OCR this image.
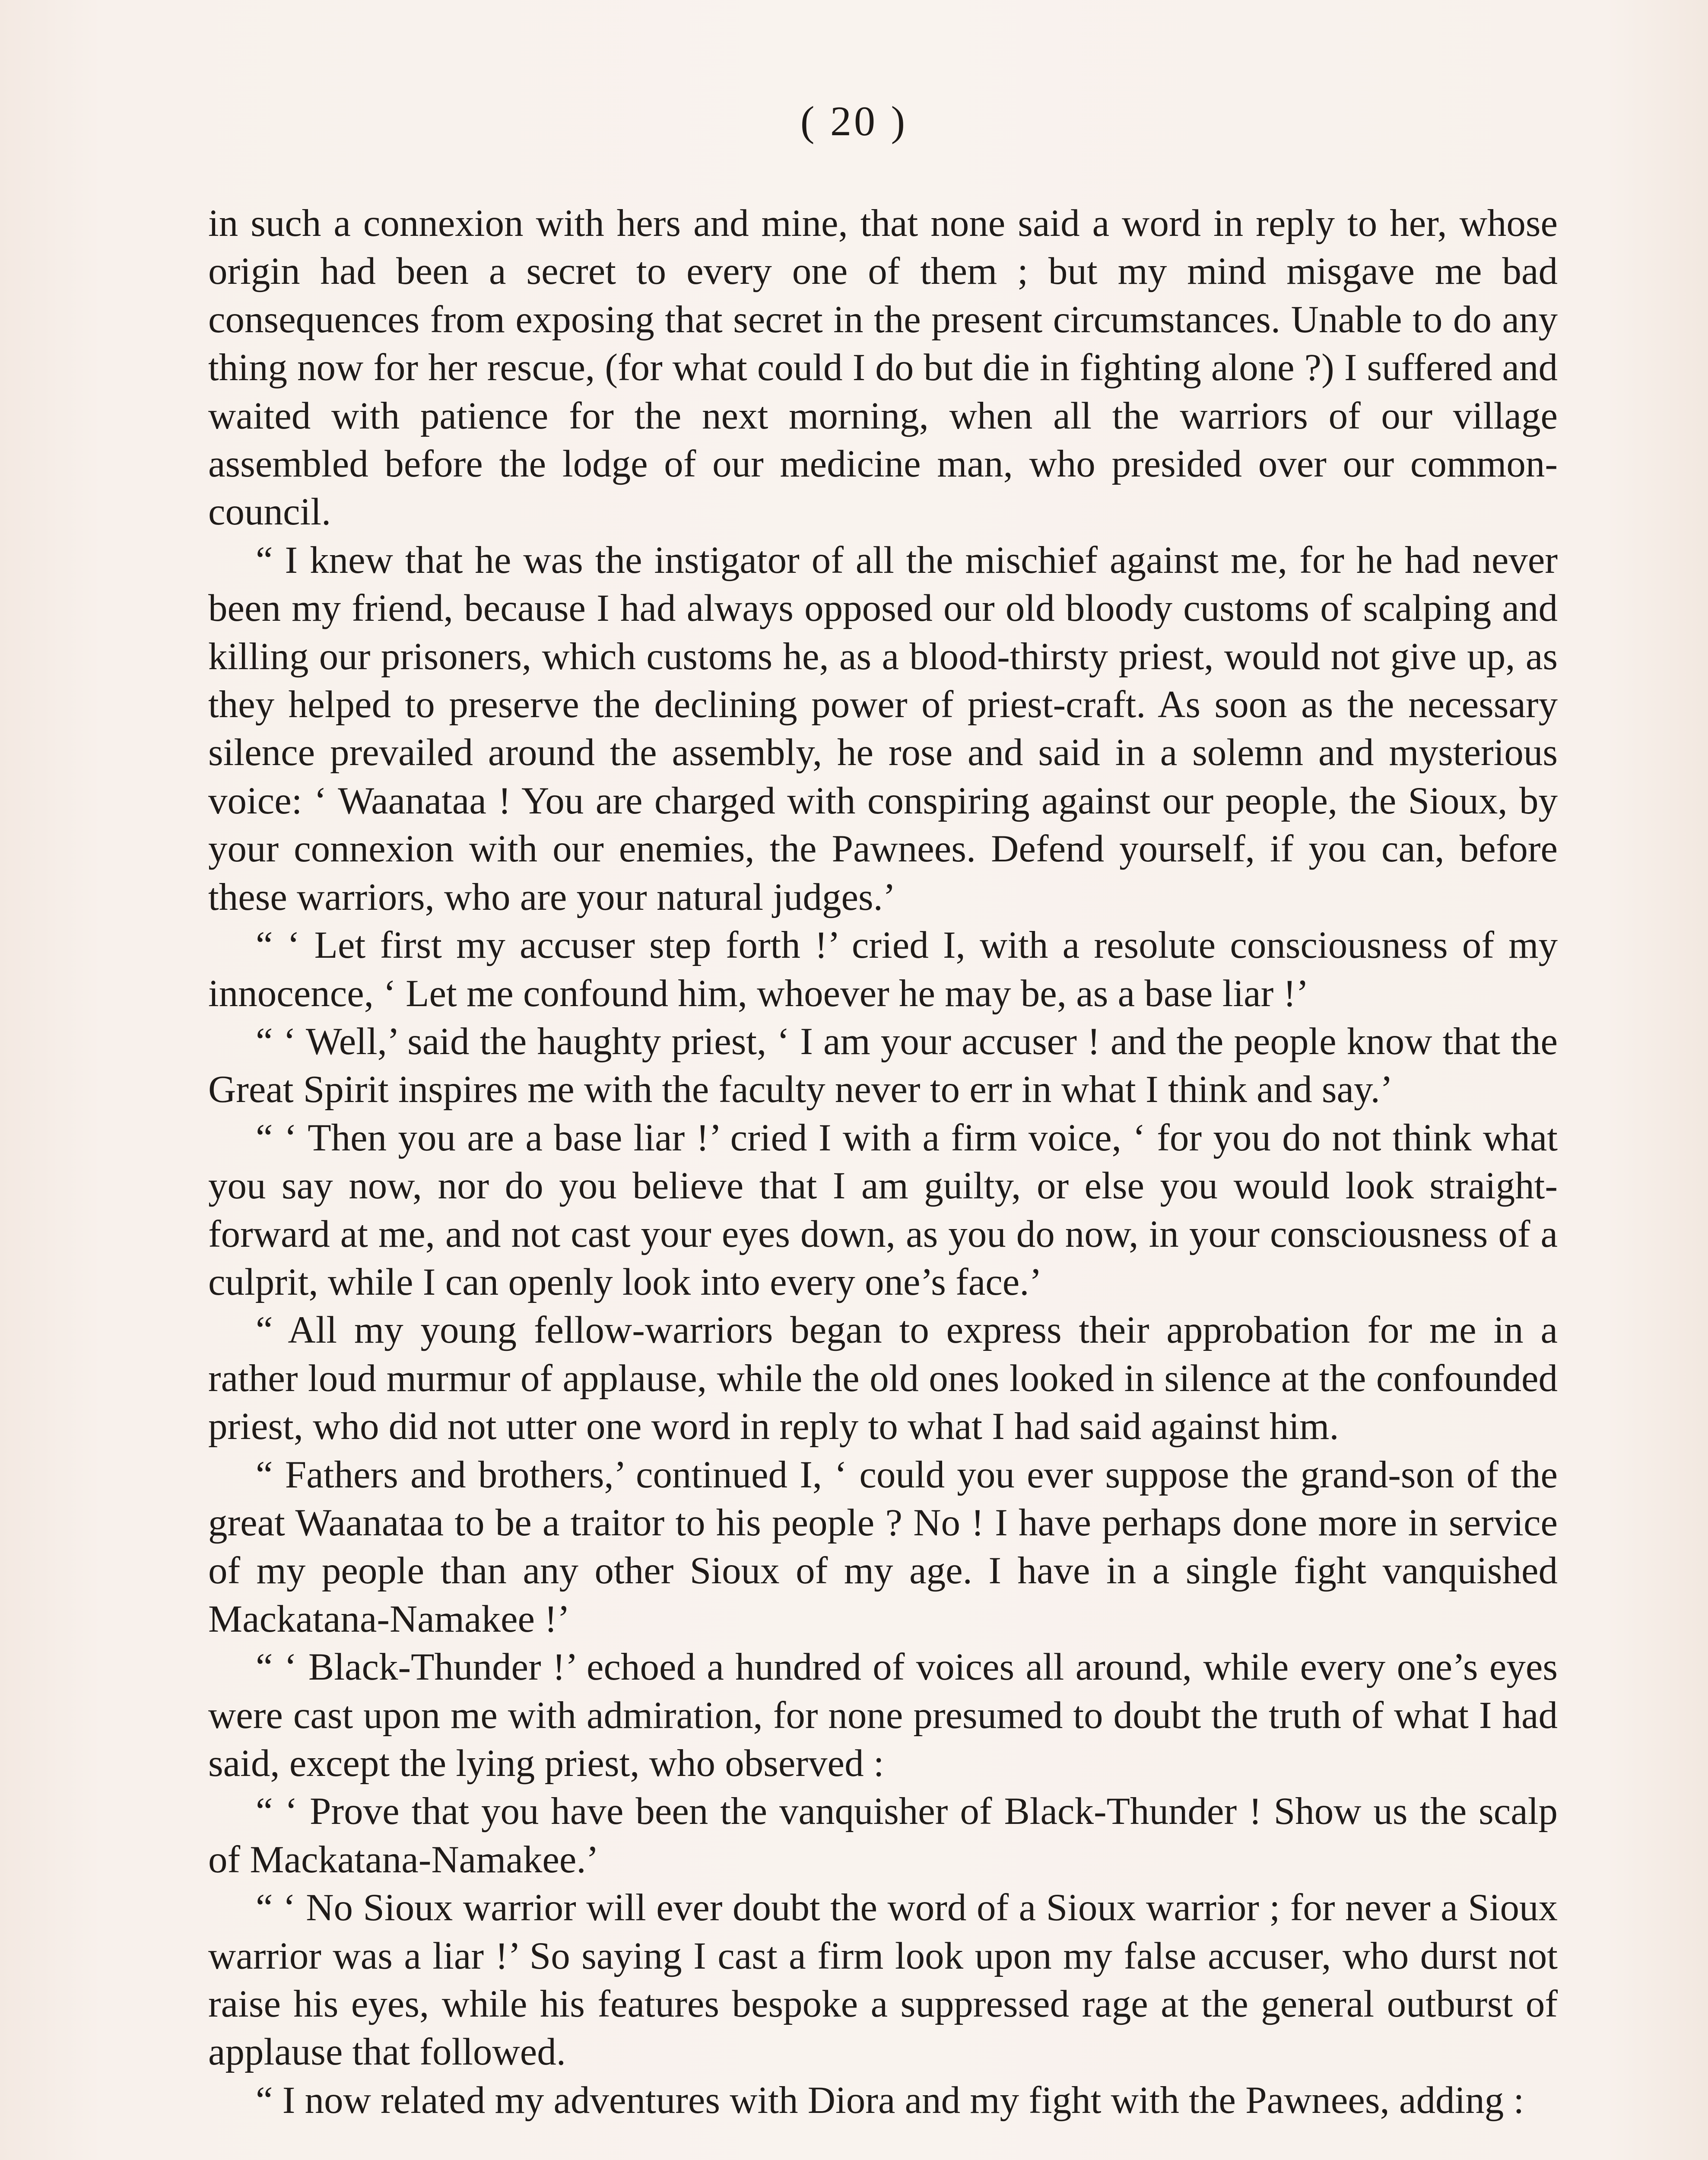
( 20 )

in such a connexion with hers and mine, that none said a word in reply to her, whose origin had been a secret to every one of them ; but my mind misgave me bad consequences from exposing that secret in the present circumstances. Unable to do any thing now for her rescue, (for what could I do but die in fighting alone ?) I suffered and waited with patience for the next morning, when all the warriors of our village assembled before the lodge of our medicine man, who presided over our common-council.

“ I knew that he was the instigator of all the mischief against me, for he had never been my friend, because I had always opposed our old bloody customs of scalping and killing our prisoners, which customs he, as a blood-thirsty priest, would not give up, as they helped to preserve the declining power of priest-craft. As soon as the necessary silence prevailed around the assembly, he rose and said in a solemn and mysterious voice: ‘ Waanataa ! You are charged with conspiring against our people, the Sioux, by your connexion with our enemies, the Pawnees. Defend yourself, if you can, before these warriors, who are your natural judges.’

“ ‘ Let first my accuser step forth !’ cried I, with a resolute consciousness of my innocence, ‘ Let me confound him, whoever he may be, as a base liar !’

“ ‘ Well,’ said the haughty priest, ‘ I am your accuser ! and the people know that the Great Spirit inspires me with the faculty never to err in what I think and say.’

“ ‘ Then you are a base liar !’ cried I with a firm voice, ‘ for you do not think what you say now, nor do you believe that I am guilty, or else you would look straight-forward at me, and not cast your eyes down, as you do now, in your consciousness of a culprit, while I can openly look into every one’s face.’

“ All my young fellow-warriors began to express their approbation for me in a rather loud murmur of applause, while the old ones looked in silence at the confounded priest, who did not utter one word in reply to what I had said against him.

“ Fathers and brothers,’ continued I, ‘ could you ever suppose the grand-son of the great Waanataa to be a traitor to his people ? No ! I have perhaps done more in service of my people than any other Sioux of my age. I have in a single fight vanquished Mackatana-Namakee !’

“ ‘ Black-Thunder !’ echoed a hundred of voices all around, while every one’s eyes were cast upon me with admiration, for none presumed to doubt the truth of what I had said, except the lying priest, who observed :

“ ‘ Prove that you have been the vanquisher of Black-Thunder ! Show us the scalp of Mackatana-Namakee.’

“ ‘ No Sioux warrior will ever doubt the word of a Sioux warrior ; for never a Sioux warrior was a liar !’ So saying I cast a firm look upon my false accuser, who durst not raise his eyes, while his features bespoke a suppressed rage at the general outburst of applause that followed.

“ I now related my adventures with Diora and my fight with the Pawnees, adding :
